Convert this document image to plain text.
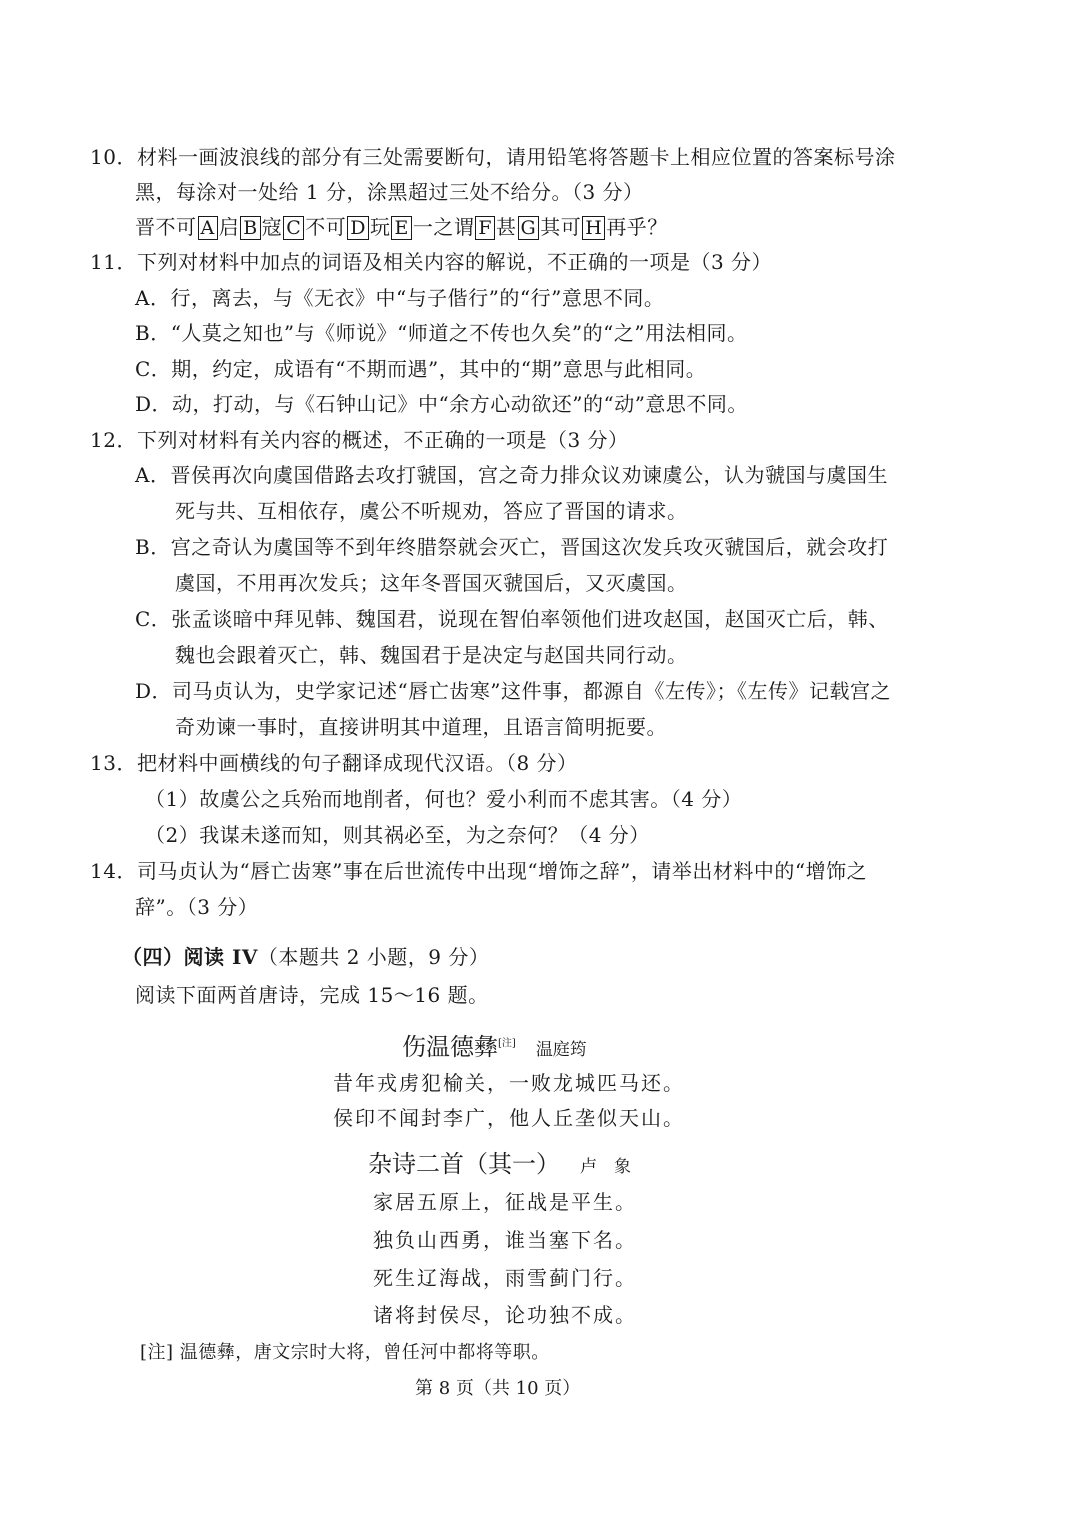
10．材料一画波浪线的部分有三处需要断句，请用铅笔将答题卡上相应位置的答案标号涂
黑，每涂对一处给 1 分，涂黑超过三处不给分。（3 分）
晋不可 A 启 B 寇 C 不可 D 玩 E 一之谓 F 甚 G 其可 H 再乎？
11．下列对材料中加点的词语及相关内容的解说，不正确的一项是（3 分）
A．行，离去，与《无衣》中“与子偕行”的“行”意思不同。
B．“人莫之知也”与《师说》“师道之不传也久矣”的“之”用法相同。
C．期，约定，成语有“不期而遇”，其中的“期”意思与此相同。
D．动，打动，与《石钟山记》中“余方心动欲还”的“动”意思不同。
12．下列对材料有关内容的概述，不正确的一项是（3 分）
A．晋侯再次向虞国借路去攻打虢国，宫之奇力排众议劝谏虞公，认为虢国与虞国生
死与共、互相依存，虞公不听规劝，答应了晋国的请求。
B．宫之奇认为虞国等不到年终腊祭就会灭亡，晋国这次发兵攻灭虢国后，就会攻打
虞国，不用再次发兵；这年冬晋国灭虢国后，又灭虞国。
C．张孟谈暗中拜见韩、魏国君，说现在智伯率领他们进攻赵国，赵国灭亡后，韩、
魏也会跟着灭亡，韩、魏国君于是决定与赵国共同行动。
D．司马贞认为，史学家记述“唇亡齿寒”这件事，都源自《左传》；《左传》记载宫之
奇劝谏一事时，直接讲明其中道理，且语言简明扼要。
13．把材料中画横线的句子翻译成现代汉语。（8 分）
（1）故虞公之兵殆而地削者，何也？爱小利而不虑其害。（4 分）
（2）我谋未遂而知，则其祸必至，为之奈何？（4 分）
14．司马贞认为“唇亡齿寒”事在后世流传中出现“增饰之辞”，请举出材料中的“增饰之
辞”。（3 分）
（四）阅读 IV（本题共 2 小题，9 分）
阅读下面两首唐诗，完成 15～16 题。
伤温德彝[注] 温庭筠
昔年戎虏犯榆关，一败龙城匹马还。
侯印不闻封李广，他人丘垄似天山。
杂诗二首（其一） 卢　象
家居五原上，征战是平生。
独负山西勇，谁当塞下名。
死生辽海战，雨雪蓟门行。
诸将封侯尽，论功独不成。
[注] 温德彝，唐文宗时大将，曾任河中都将等职。
第 8 页（共 10 页）
